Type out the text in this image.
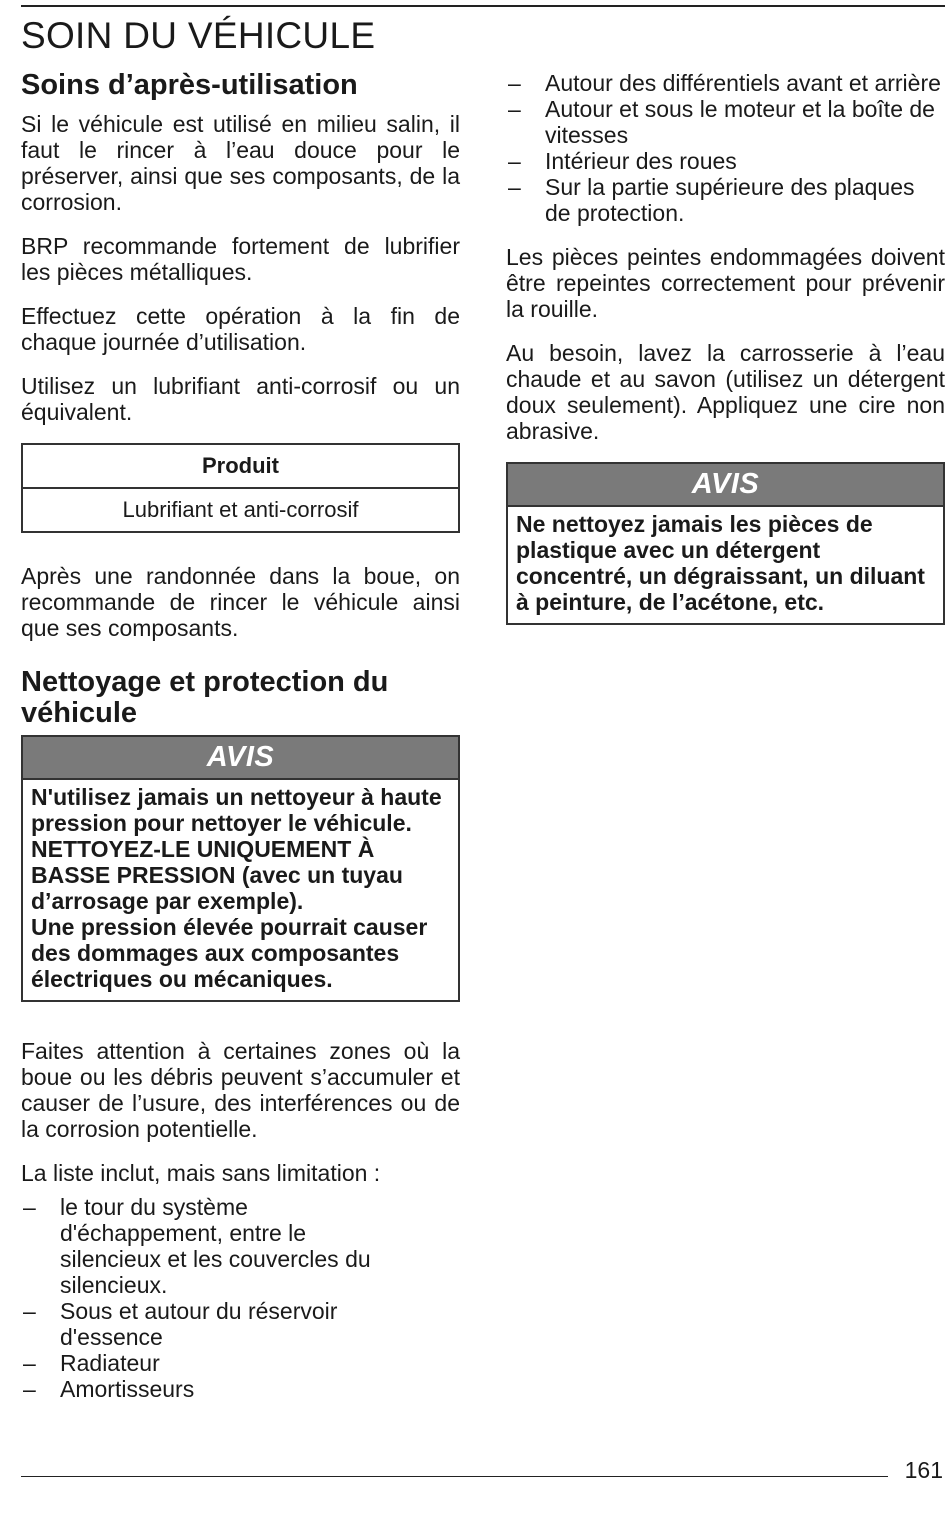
SOIN DU VÉHICULE
Soins d’après-utilisation

Si le véhicule est utilisé en milieu salin, il faut le rincer à l’eau douce pour le préserver, ainsi que ses composants, de la corrosion.

BRP recommande fortement de lubrifier les pièces métalliques.

Effectuez cette opération à la fin de chaque journée d’utilisation.

Utilisez un lubrifiant anti-corrosif ou un équivalent.

Produit
Lubrifiant et anti-corrosif

Après une randonnée dans la boue, on recommande de rincer le véhicule ainsi que ses composants.

Nettoyage et protection du véhicule
AVIS
N'utilisez jamais un nettoyeur à haute pression pour nettoyer le véhicule. NETTOYEZ-LE UNIQUEMENT À BASSE PRESSION (avec un tuyau d’arrosage par exemple).
Une pression élevée pourrait causer des dommages aux composantes électriques ou mécaniques.

Faites attention à certaines zones où la boue ou les débris peuvent s’accumuler et causer de l’usure, des interférences ou de la corrosion potentielle.

La liste inclut, mais sans limitation :

– le tour du système d'échappement, entre le silencieux et les couvercles du silencieux.
– Sous et autour du réservoir d'essence
– Radiateur
– Amortisseurs
– Autour des différentiels avant et arrière
– Autour et sous le moteur et la boîte de vitesses
– Intérieur des roues
– Sur la partie supérieure des plaques de protection.

Les pièces peintes endommagées doivent être repeintes correctement pour prévenir la rouille.

Au besoin, lavez la carrosserie à l’eau chaude et au savon (utilisez un détergent doux seulement). Appliquez une cire non abrasive.

AVIS
Ne nettoyez jamais les pièces de plastique avec un détergent concentré, un dégraissant, un diluant à peinture, de l’acétone, etc.
161
